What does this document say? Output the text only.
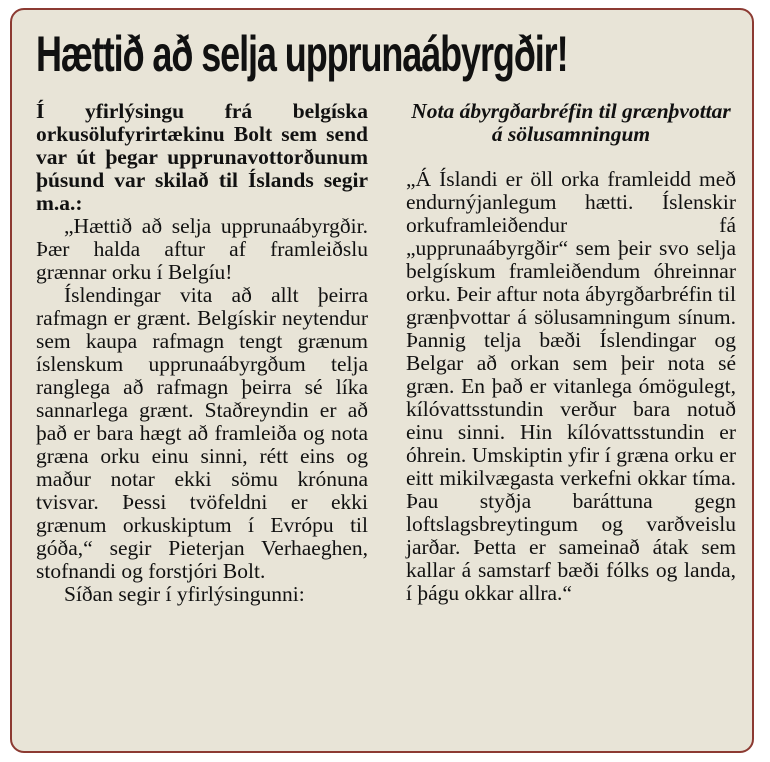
Hættið að selja upprunaábyrgðir!

Í yfirlýsingu frá belgíska orkusölufyrirtækinu Bolt sem send var út þegar upprunavottorðunum þúsund var skilað til Íslands segir m.a.:

„Hættið að selja upprunaábyrgðir. Þær halda aftur af framleiðslu grænnar orku í Belgíu!

Íslendingar vita að allt þeirra rafmagn er grænt. Belgískir neytendur sem kaupa rafmagn tengt grænum íslenskum upprunaábyrgðum telja ranglega að rafmagn þeirra sé líka sannarlega grænt. Staðreyndin er að það er bara hægt að framleiða og nota græna orku einu sinni, rétt eins og maður notar ekki sömu krónuna tvisvar. Þessi tvöfeldni er ekki grænum orkuskiptum í Evrópu til góða,“ segir Pieterjan Verhaeghen, stofnandi og forstjóri Bolt.

Síðan segir í yfirlýsingunni:

Nota ábyrgðarbréfin til grænþvottar á sölusamningum

„Á Íslandi er öll orka framleidd með endurnýjanlegum hætti. Íslenskir orkuframleiðendur fá „upprunaábyrgðir“ sem þeir svo selja belgískum framleiðendum óhreinnar orku. Þeir aftur nota ábyrgðarbréfin til grænþvottar á sölusamningum sínum. Þannig telja bæði Íslendingar og Belgar að orkan sem þeir nota sé græn. En það er vitanlega ómögulegt, kílóvattsstundin verður bara notuð einu sinni. Hin kílóvattsstundin er óhrein. Umskiptin yfir í græna orku er eitt mikilvægasta verkefni okkar tíma. Þau styðja baráttuna gegn loftslagsbreytingum og varðveislu jarðar. Þetta er sameinað átak sem kallar á samstarf bæði fólks og landa, í þágu okkar allra.“
